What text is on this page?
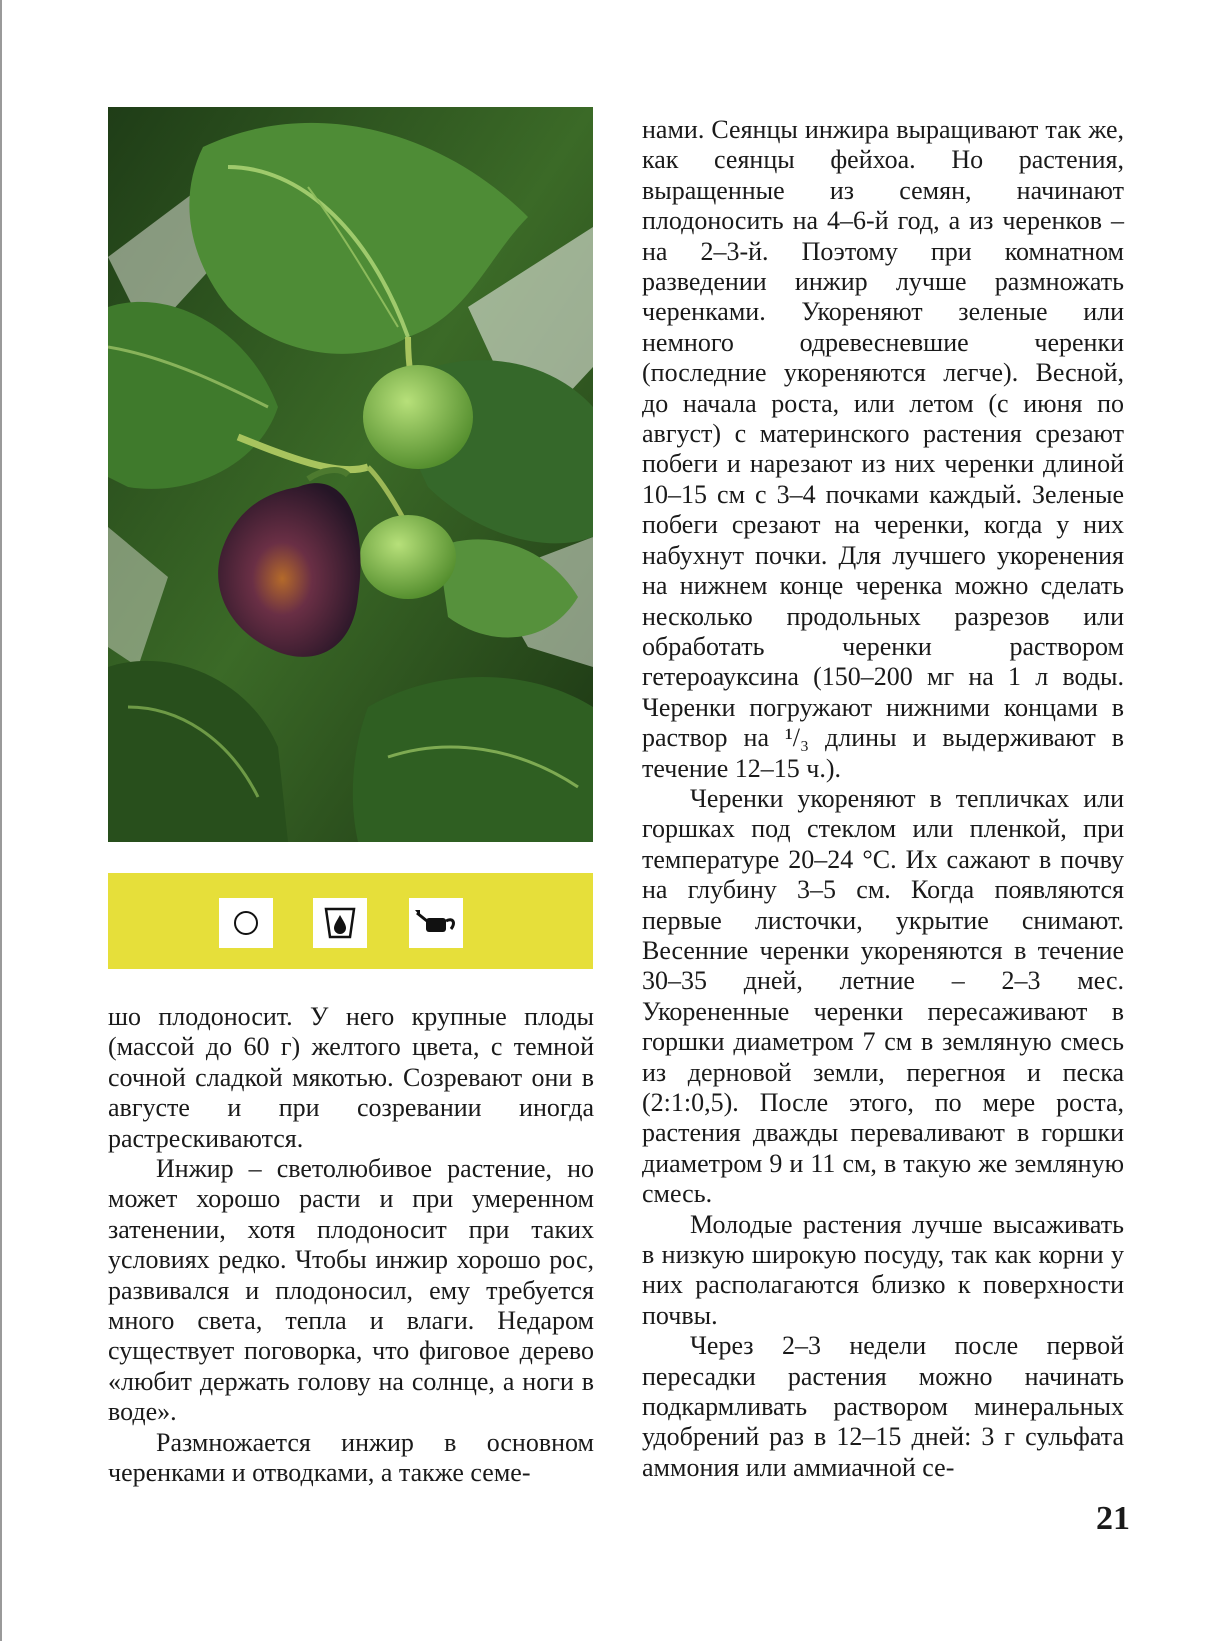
шо плодоносит. У него крупные плоды (массой до 60 г) желтого цвета, с темной сочной сладкой мякотью. Созревают они в августе и при созревании иногда растрескиваются.

Инжир – светолюбивое растение, но может хорошо расти и при умеренном затенении, хотя плодоносит при таких условиях редко. Чтобы инжир хорошо рос, развивался и плодоносил, ему требуется много света, тепла и влаги. Недаром существует поговорка, что фиговое дерево «любит держать голову на солнце, а ноги в воде».

Размножается инжир в основном черенками и отводками, а также семе-

нами. Сеянцы инжира выращивают так же, как сеянцы фейхоа. Но растения, выращенные из семян, начинают плодоносить на 4–6-й год, а из черенков – на 2–3-й. Поэтому при комнатном разведении инжир лучше размножать черенками. Укореняют зеленые или немного одревесневшие черенки (последние укореняются легче). Весной, до начала роста, или летом (с июня по август) с материнского растения срезают побеги и нарезают из них черенки длиной 10–15 см с 3–4 почками каждый. Зеленые побеги срезают на черенки, когда у них набухнут почки. Для лучшего укоренения на нижнем конце черенка можно сделать несколько продольных разрезов или обработать черенки раствором гетероауксина (150–200 мг на 1 л воды. Черенки погружают нижними концами в раствор на ¹/₃ длины и выдерживают в течение 12–15 ч.).

Черенки укореняют в тепличках или горшках под стеклом или пленкой, при температуре 20–24 °С. Их сажают в почву на глубину 3–5 см. Когда появляются первые листочки, укрытие снимают. Весенние черенки укореняются в течение 30–35 дней, летние – 2–3 мес. Укорененные черенки пересаживают в горшки диаметром 7 см в земляную смесь из дерновой земли, перегноя и песка (2:1:0,5). После этого, по мере роста, растения дважды переваливают в горшки диаметром 9 и 11 см, в такую же земляную смесь.

Молодые растения лучше высаживать в низкую широкую посуду, так как корни у них располагаются близко к поверхности почвы.

Через 2–3 недели после первой пересадки растения можно начинать подкармливать раствором минеральных удобрений раз в 12–15 дней: 3 г сульфата аммония или аммиачной се-

21
